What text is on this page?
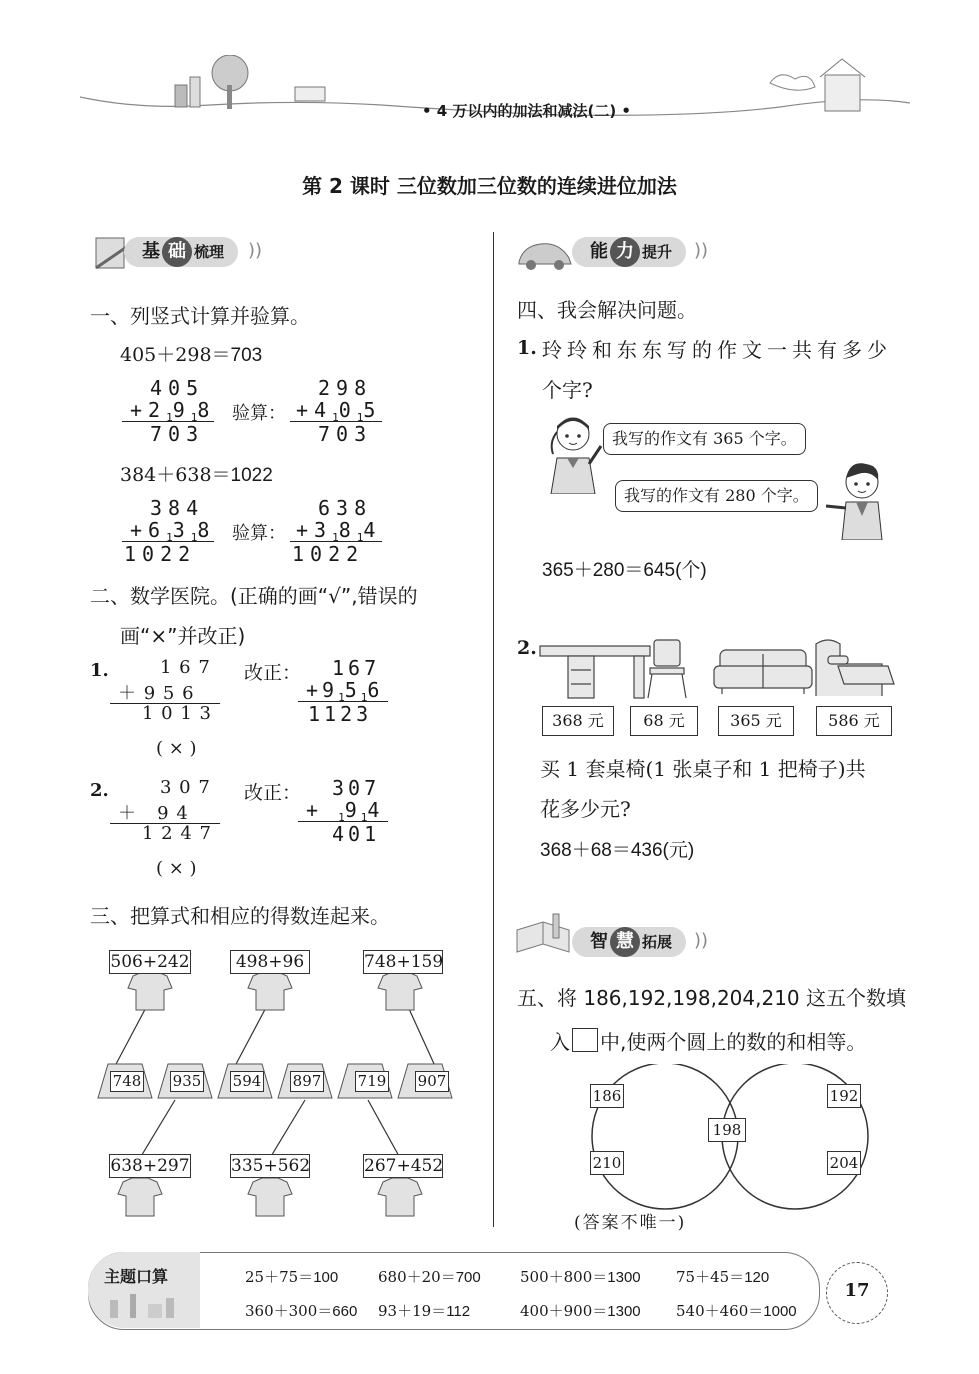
• 4 万以内的加法和减法(二) •
第 2 课时 三位数加三位数的连续进位加法
基 础 梳理	))
一、列竖式计算并验算。
405＋298＝703
405
$+2_19_18$
703
验算：
298
$+4_10_15$
703
384＋638＝1022
384
$+6_13_18$
1022
验算：
638
$+3_18_14$
1022
二、数学医院。(正确的画“√”,错误的
画“×”并改正)
1.	1 6 7
＋ 9 5 6
1 0 1 3
改正： 167
$+9_15_16$
1123
( × )
2.	3 0 7
＋   9 4
1 2 4 7
改正： 307
+ $_19_14$
401
( × )
三、把算式和相应的得数连起来。
506+242	498+96	748+159
748 935 594 897 719 907
638+297 335+562	267+452
能 力 提升	))
四、我会解决问题。
1. 玲玲和东东写的作文一共有多少
个字?
我写的作文有 365 个字。
我写的作文有 280 个字。
365＋280＝645(个)
2.
368 元	68 元	365 元	586 元
买 1 套桌椅(1 张桌子和 1 把椅子)共
花多少元?
368＋68＝436(元)
智 慧 拓展	))
五、将 186,192,198,204,210 这五个数填
入 中,使两个圆上的数的和相等。
186
210
198
192
204
(答案不唯一)
主题口算	25＋75＝100	680＋20＝700	500＋800＝1300 75＋45＝120
360＋300＝660 93＋19＝112	400＋900＝1300 540＋460＝1000
17
